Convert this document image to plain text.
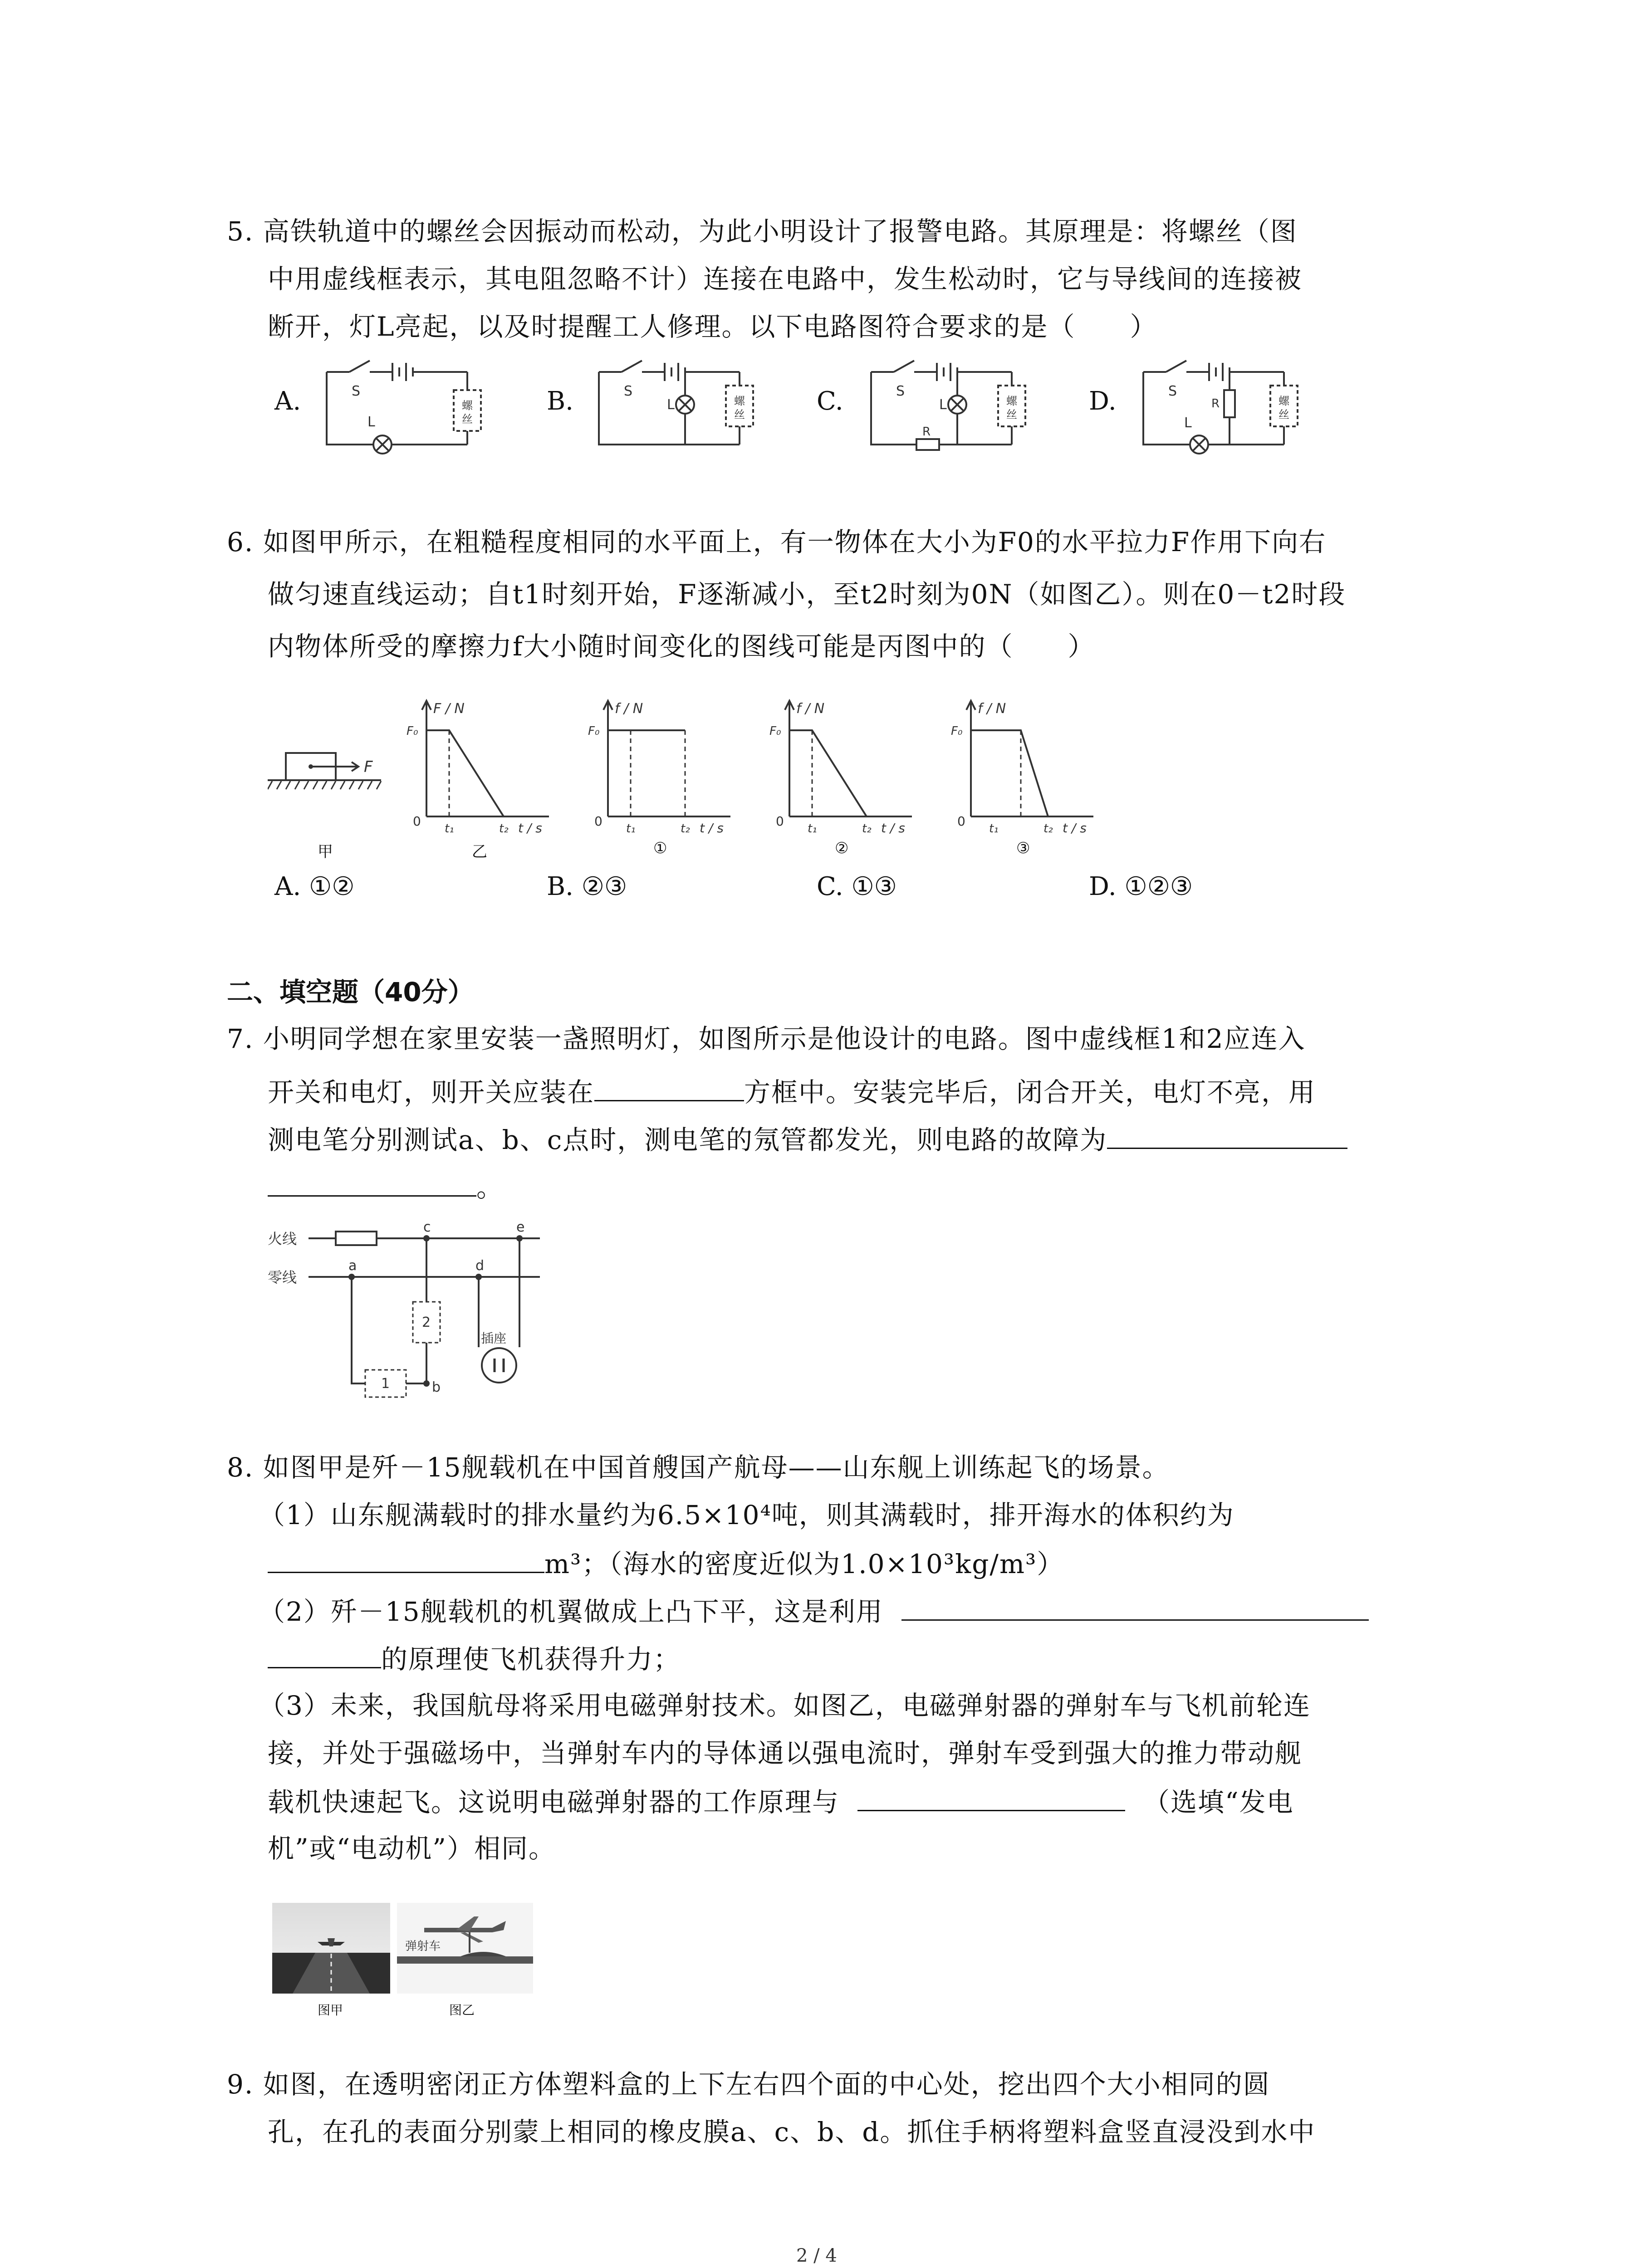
5. 高铁轨道中的螺丝会因振动而松动，为此小明设计了报警电路。其原理是：将螺丝（图
中用虚线框表示，其电阻忽略不计）连接在电路中，发生松动时，它与导线间的连接被
断开，灯L亮起，以及时提醒工人修理。以下电路图符合要求的是（　　）
A.	B.	C.	D.
S
L
螺
丝
S
L	螺
丝
S
L
R
螺
丝
S
L
R	螺
丝
6. 如图甲所示，在粗糙程度相同的水平面上，有一物体在大小为F0的水平拉力F作用下向右
做匀速直线运动；自t1时刻开始，F逐渐减小，至t2时刻为0N（如图乙）。则在0－t2时段
内物体所受的摩擦力f大小随时间变化的图线可能是丙图中的（　　）
F
F / N
F₀
0 t₁	t₂ t / s
f / N
F₀
0 t₁	t₂ t / s
f / N
F₀
0 t₁	t₂ t / s
f / N
F₀
0 t₁	t₂ t / s
甲	乙	①	②	③
A. ①②	B. ②③	C. ①③	D. ①②③
二、填空题（40分）
7. 小明同学想在家里安装一盏照明灯，如图所示是他设计的电路。图中虚线框1和2应连入
开关和电灯，则开关应装在	方框中。安装完毕后，闭合开关，电灯不亮，用
测电笔分别测试a、b、c点时，测电笔的氖管都发光，则电路的故障为
。
火线
零线
a
c
d
e
b
2
1
插座
8. 如图甲是歼－15舰载机在中国首艘国产航母——山东舰上训练起飞的场景。
（1）山东舰满载时的排水量约为6.5×10⁴吨，则其满载时，排开海水的体积约为
m³；（海水的密度近似为1.0×10³kg/m³）
（2）歼－15舰载机的机翼做成上凸下平，这是利用
的原理使飞机获得升力；
（3）未来，我国航母将采用电磁弹射技术。如图乙，电磁弹射器的弹射车与飞机前轮连
接，并处于强磁场中，当弹射车内的导体通以强电流时，弹射车受到强大的推力带动舰
载机快速起飞。这说明电磁弹射器的工作原理与	（选填“发电
机”或“电动机”）相同。
弹射车
图甲	图乙
9. 如图，在透明密闭正方体塑料盒的上下左右四个面的中心处，挖出四个大小相同的圆
孔，在孔的表面分别蒙上相同的橡皮膜a、c、b、d。抓住手柄将塑料盒竖直浸没到水中
2 / 4
